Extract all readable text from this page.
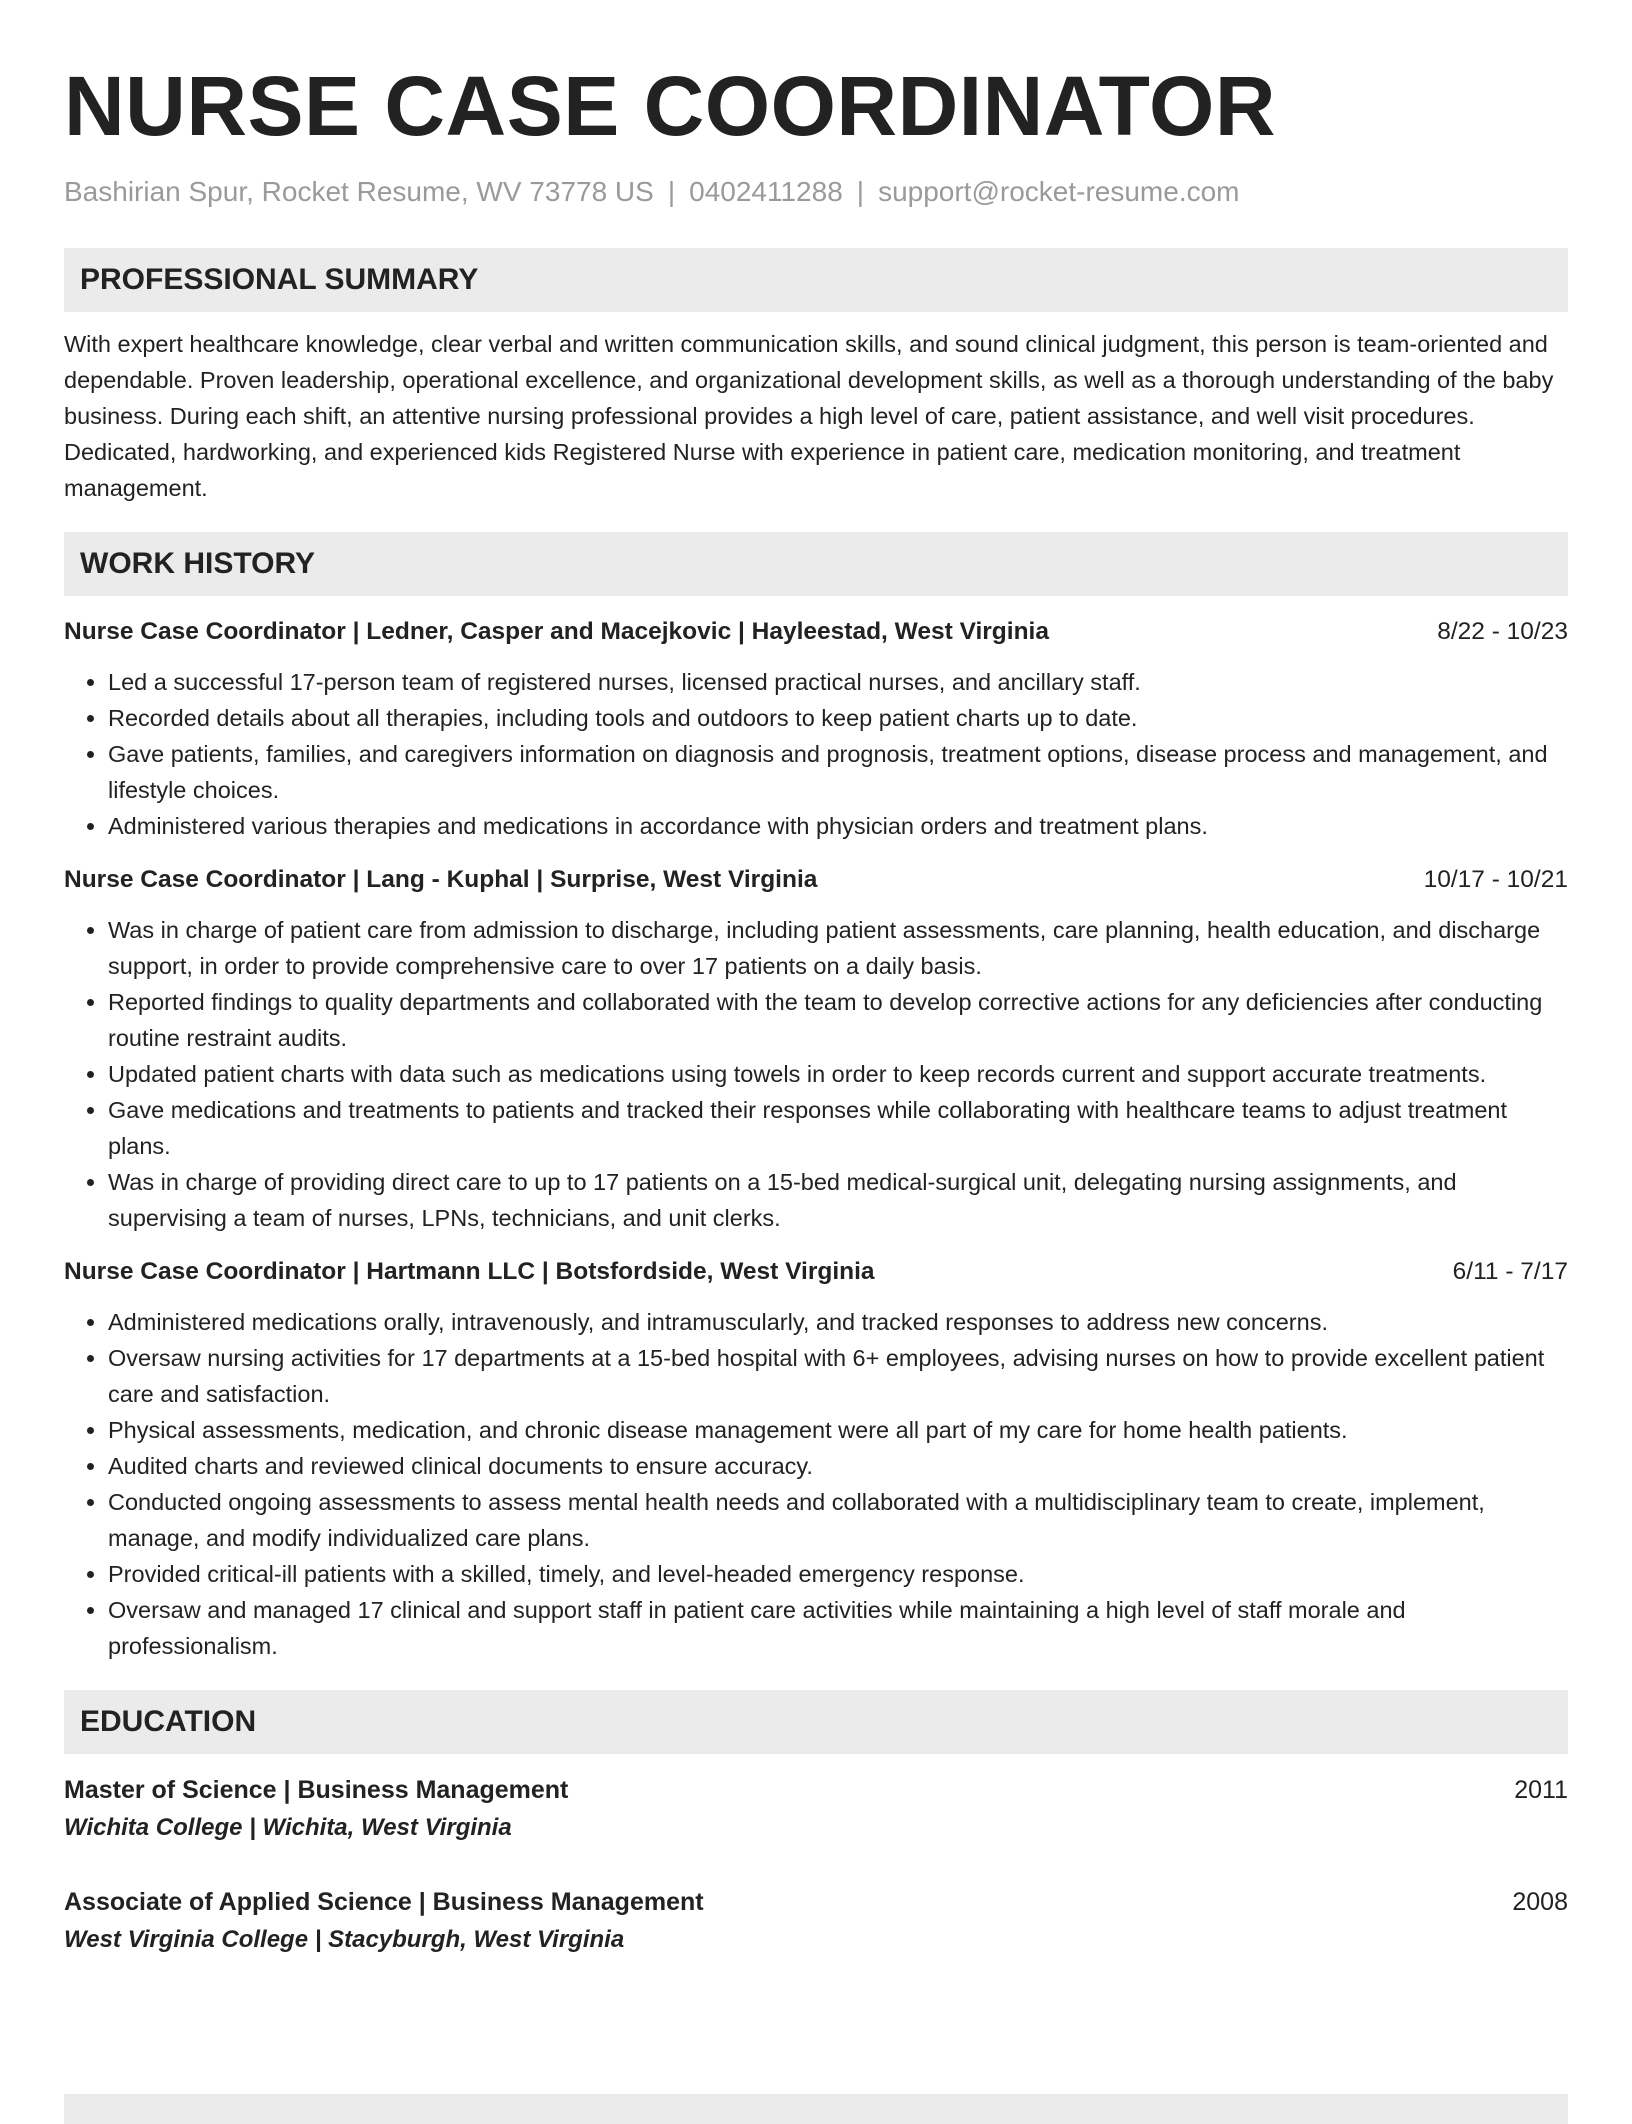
NURSE CASE COORDINATOR
Bashirian Spur, Rocket Resume, WV 73778 US | 0402411288 | support@rocket-resume.com
PROFESSIONAL SUMMARY
With expert healthcare knowledge, clear verbal and written communication skills, and sound clinical judgment, this person is team-oriented and dependable. Proven leadership, operational excellence, and organizational development skills, as well as a thorough understanding of the baby business. During each shift, an attentive nursing professional provides a high level of care, patient assistance, and well visit procedures. Dedicated, hardworking, and experienced kids Registered Nurse with experience in patient care, medication monitoring, and treatment management.
WORK HISTORY
Nurse Case Coordinator | Ledner, Casper and Macejkovic | Hayleestad, West Virginia	8/22 - 10/23
• Led a successful 17-person team of registered nurses, licensed practical nurses, and ancillary staff.
• Recorded details about all therapies, including tools and outdoors to keep patient charts up to date.
• Gave patients, families, and caregivers information on diagnosis and prognosis, treatment options, disease process and management, and lifestyle choices.
• Administered various therapies and medications in accordance with physician orders and treatment plans.
Nurse Case Coordinator | Lang - Kuphal | Surprise, West Virginia	10/17 - 10/21
• Was in charge of patient care from admission to discharge, including patient assessments, care planning, health education, and discharge support, in order to provide comprehensive care to over 17 patients on a daily basis.
• Reported findings to quality departments and collaborated with the team to develop corrective actions for any deficiencies after conducting routine restraint audits.
• Updated patient charts with data such as medications using towels in order to keep records current and support accurate treatments.
• Gave medications and treatments to patients and tracked their responses while collaborating with healthcare teams to adjust treatment plans.
• Was in charge of providing direct care to up to 17 patients on a 15-bed medical-surgical unit, delegating nursing assignments, and supervising a team of nurses, LPNs, technicians, and unit clerks.
Nurse Case Coordinator | Hartmann LLC | Botsfordside, West Virginia	6/11 - 7/17
• Administered medications orally, intravenously, and intramuscularly, and tracked responses to address new concerns.
• Oversaw nursing activities for 17 departments at a 15-bed hospital with 6+ employees, advising nurses on how to provide excellent patient care and satisfaction.
• Physical assessments, medication, and chronic disease management were all part of my care for home health patients.
• Audited charts and reviewed clinical documents to ensure accuracy.
• Conducted ongoing assessments to assess mental health needs and collaborated with a multidisciplinary team to create, implement, manage, and modify individualized care plans.
• Provided critical-ill patients with a skilled, timely, and level-headed emergency response.
• Oversaw and managed 17 clinical and support staff in patient care activities while maintaining a high level of staff morale and professionalism.
EDUCATION
Master of Science | Business Management	2011
Wichita College | Wichita, West Virginia
Associate of Applied Science | Business Management	2008
West Virginia College | Stacyburgh, West Virginia
